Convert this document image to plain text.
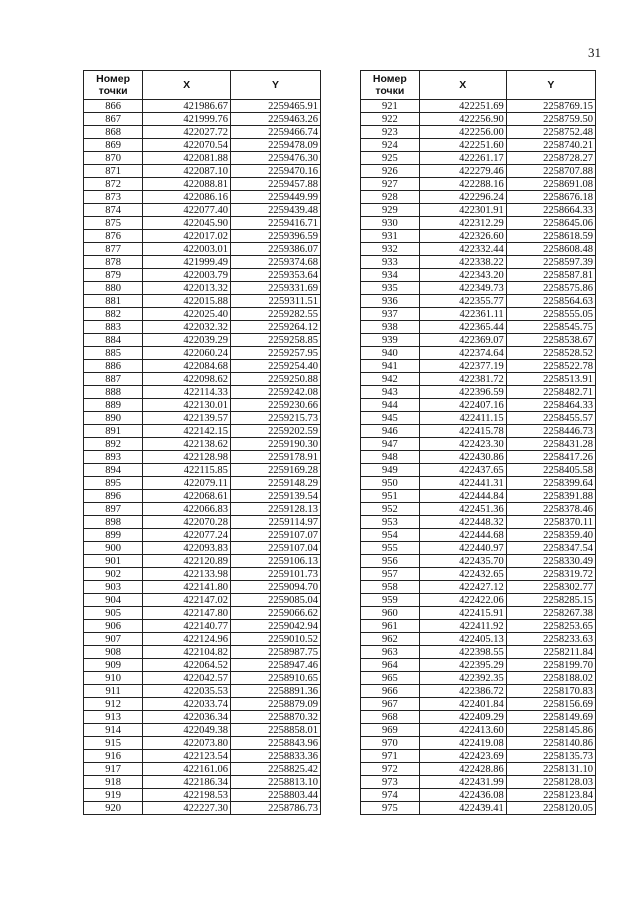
31
Номер
точки	X	Y
866	421986.67	2259465.91
867	421999.76	2259463.26
868	422027.72	2259466.74
869	422070.54	2259478.09
870	422081.88	2259476.30
871	422087.10	2259470.16
872	422088.81	2259457.88
873	422086.16	2259449.99
874	422077.40	2259439.48
875	422045.90	2259416.71
876	422017.02	2259396.59
877	422003.01	2259386.07
878	421999.49	2259374.68
879	422003.79	2259353.64
880	422013.32	2259331.69
881	422015.88	2259311.51
882	422025.40	2259282.55
883	422032.32	2259264.12
884	422039.29	2259258.85
885	422060.24	2259257.95
886	422084.68	2259254.40
887	422098.62	2259250.88
888	422114.33	2259242.08
889	422130.01	2259230.66
890	422139.57	2259215.73
891	422142.15	2259202.59
892	422138.62	2259190.30
893	422128.98	2259178.91
894	422115.85	2259169.28
895	422079.11	2259148.29
896	422068.61	2259139.54
897	422066.83	2259128.13
898	422070.28	2259114.97
899	422077.24	2259107.07
900	422093.83	2259107.04
901	422120.89	2259106.13
902	422133.98	2259101.73
903	422141.80	2259094.70
904	422147.02	2259085.04
905	422147.80	2259066.62
906	422140.77	2259042.94
907	422124.96	2259010.52
908	422104.82	2258987.75
909	422064.52	2258947.46
910	422042.57	2258910.65
911	422035.53	2258891.36
912	422033.74	2258879.09
913	422036.34	2258870.32
914	422049.38	2258858.01
915	422073.80	2258843.96
916	422123.54	2258833.36
917	422161.06	2258825.42
918	422186.34	2258813.10
919	422198.53	2258803.44
920	422227.30	2258786.73
Номер
точки	X	Y
921	422251.69	2258769.15
922	422256.90	2258759.50
923	422256.00	2258752.48
924	422251.60	2258740.21
925	422261.17	2258728.27
926	422279.46	2258707.88
927	422288.16	2258691.08
928	422296.24	2258676.18
929	422301.91	2258664.33
930	422312.29	2258645.06
931	422326.60	2258618.59
932	422332.44	2258608.48
933	422338.22	2258597.39
934	422343.20	2258587.81
935	422349.73	2258575.86
936	422355.77	2258564.63
937	422361.11	2258555.05
938	422365.44	2258545.75
939	422369.07	2258538.67
940	422374.64	2258528.52
941	422377.19	2258522.78
942	422381.72	2258513.91
943	422396.59	2258482.71
944	422407.16	2258464.33
945	422411.15	2258455.57
946	422415.78	2258446.73
947	422423.30	2258431.28
948	422430.86	2258417.26
949	422437.65	2258405.58
950	422441.31	2258399.64
951	422444.84	2258391.88
952	422451.36	2258378.46
953	422448.32	2258370.11
954	422444.68	2258359.40
955	422440.97	2258347.54
956	422435.70	2258330.49
957	422432.65	2258319.72
958	422427.12	2258302.77
959	422422.06	2258285.15
960	422415.91	2258267.38
961	422411.92	2258253.65
962	422405.13	2258233.63
963	422398.55	2258211.84
964	422395.29	2258199.70
965	422392.35	2258188.02
966	422386.72	2258170.83
967	422401.84	2258156.69
968	422409.29	2258149.69
969	422413.60	2258145.86
970	422419.08	2258140.86
971	422423.69	2258135.73
972	422428.86	2258131.10
973	422431.99	2258128.03
974	422436.08	2258123.84
975	422439.41	2258120.05
